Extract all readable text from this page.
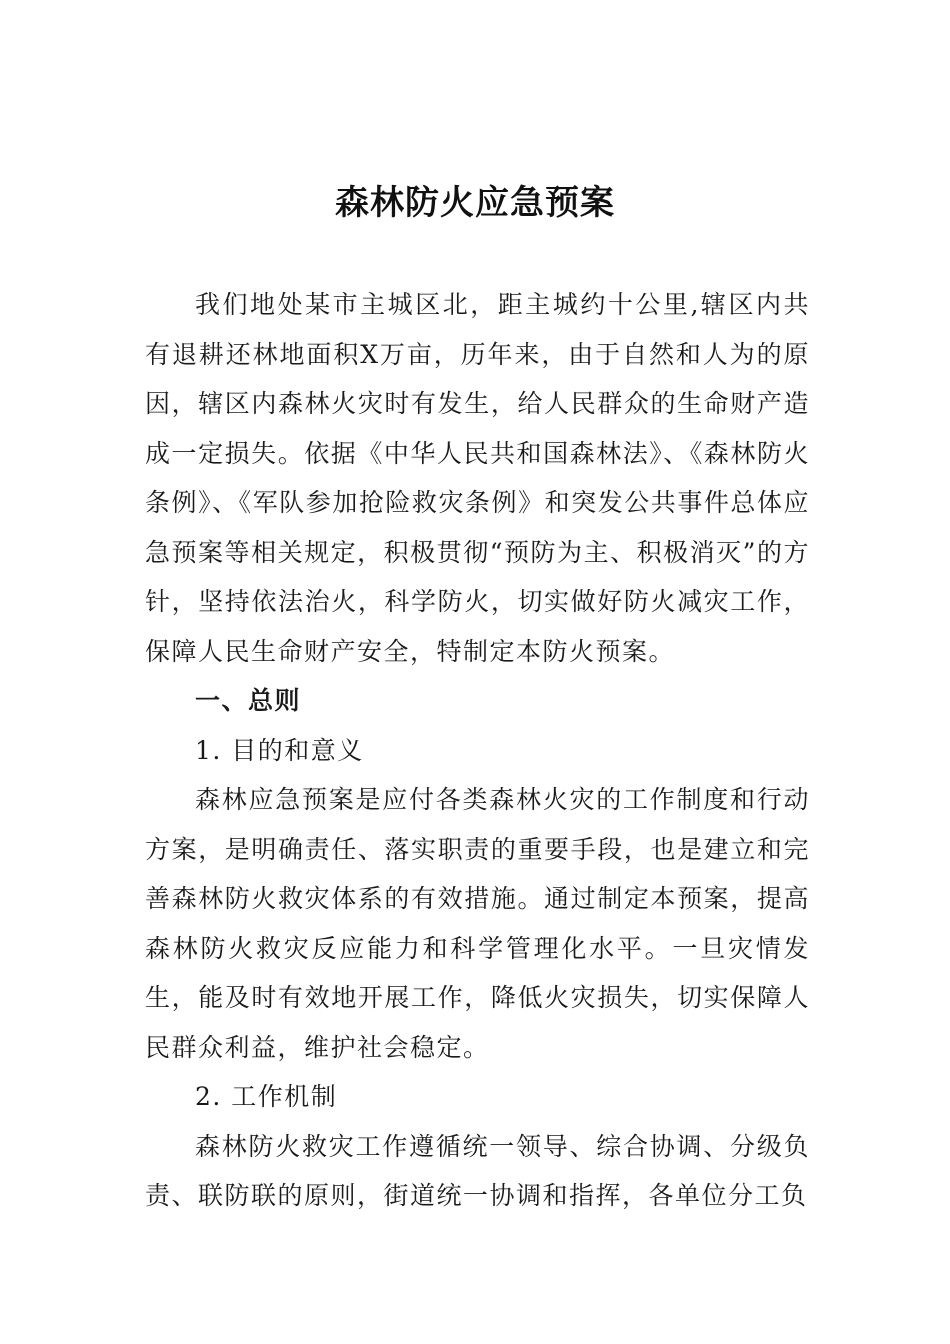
森林防火应急预案

我们地处某市主城区北，距主城约十公里,辖区内共有退耕还林地面积X万亩，历年来，由于自然和人为的原因，辖区内森林火灾时有发生，给人民群众的生命财产造成一定损失。依据《中华人民共和国森林法》、《森林防火条例》、《军队参加抢险救灾条例》和突发公共事件总体应急预案等相关规定，积极贯彻“预防为主、积极消灭”的方针，坚持依法治火，科学防火，切实做好防火减灾工作，保障人民生命财产安全，特制定本防火预案。

一、总则

1. 目的和意义

森林应急预案是应付各类森林火灾的工作制度和行动方案，是明确责任、落实职责的重要手段，也是建立和完善森林防火救灾体系的有效措施。通过制定本预案，提高森林防火救灾反应能力和科学管理化水平。一旦灾情发生，能及时有效地开展工作，降低火灾损失，切实保障人民群众利益，维护社会稳定。

2. 工作机制

森林防火救灾工作遵循统一领导、综合协调、分级负责、联防联的原则，街道统一协调和指挥，各单位分工负
